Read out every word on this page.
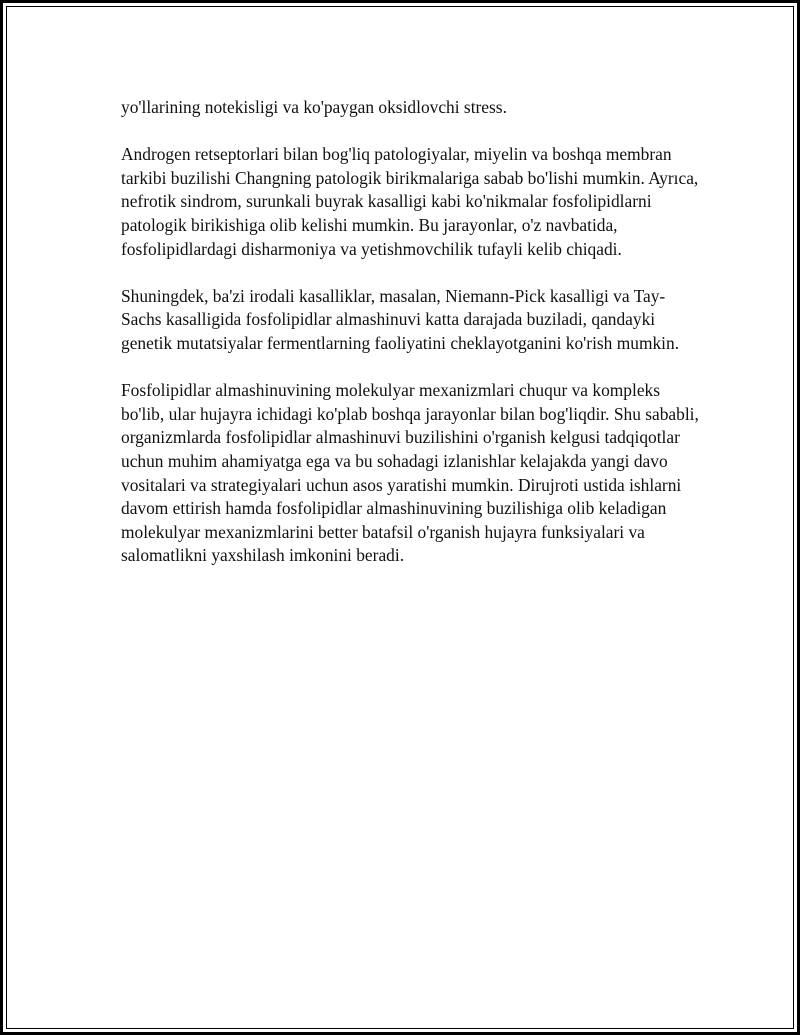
yo'llarining notekisligi va ko'paygan oksidlovchi stress.

Androgen retseptorlari bilan bog'liq patologiyalar, miyelin va boshqa membran tarkibi buzilishi Changning patologik birikmalariga sabab bo'lishi mumkin. Ayrıca, nefrotik sindrom, surunkali buyrak kasalligi kabi ko'nikmalar fosfolipidlarni patologik birikishiga olib kelishi mumkin. Bu jarayonlar, o'z navbatida, fosfolipidlardagi disharmoniya va yetishmovchilik tufayli kelib chiqadi.

Shuningdek, ba'zi irodali kasalliklar, masalan, Niemann-Pick kasalligi va Tay-Sachs kasalligida fosfolipidlar almashinuvi katta darajada buziladi, qandayki genetik mutatsiyalar fermentlarning faoliyatini cheklayotganini ko'rish mumkin.

Fosfolipidlar almashinuvining molekulyar mexanizmlari chuqur va kompleks bo'lib, ular hujayra ichidagi ko'plab boshqa jarayonlar bilan bog'liqdir. Shu sababli, organizmlarda fosfolipidlar almashinuvi buzilishini o'rganish kelgusi tadqiqotlar uchun muhim ahamiyatga ega va bu sohadagi izlanishlar kelajakda yangi davo vositalari va strategiyalari uchun asos yaratishi mumkin. Dirujroti ustida ishlarni davom ettirish hamda fosfolipidlar almashinuvining buzilishiga olib keladigan molekulyar mexanizmlarini better batafsil o'rganish hujayra funksiyalari va salomatlikni yaxshilash imkonini beradi.
